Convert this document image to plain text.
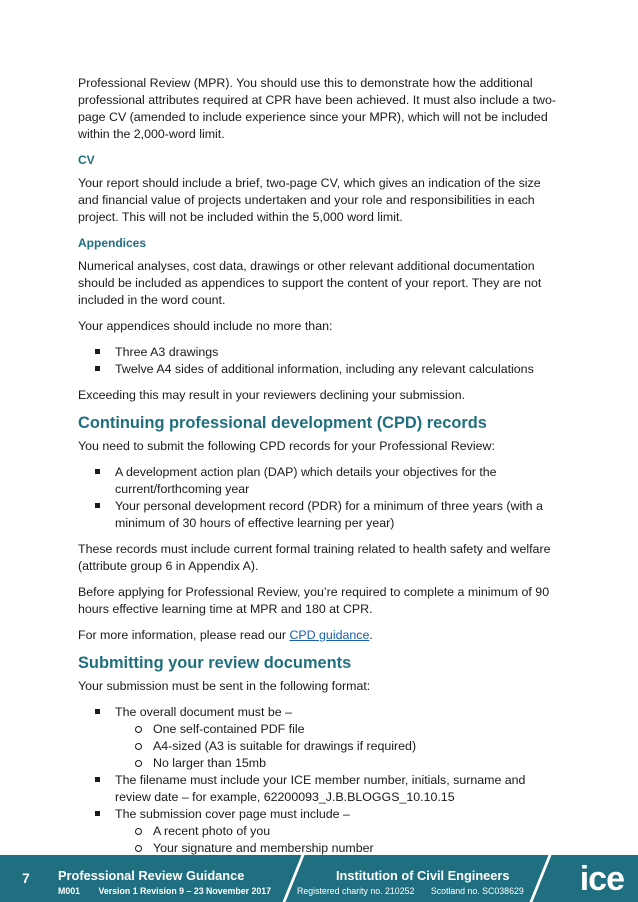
Professional Review (MPR). You should use this to demonstrate how the additional professional attributes required at CPR have been achieved. It must also include a two-page CV (amended to include experience since your MPR), which will not be included within the 2,000-word limit.

CV

Your report should include a brief, two-page CV, which gives an indication of the size and financial value of projects undertaken and your role and responsibilities in each project. This will not be included within the 5,000 word limit.

Appendices

Numerical analyses, cost data, drawings or other relevant additional documentation should be included as appendices to support the content of your report. They are not included in the word count.

Your appendices should include no more than:

Three A3 drawings
Twelve A4 sides of additional information, including any relevant calculations

Exceeding this may result in your reviewers declining your submission.

Continuing professional development (CPD) records

You need to submit the following CPD records for your Professional Review:

A development action plan (DAP) which details your objectives for the current/forthcoming year
Your personal development record (PDR) for a minimum of three years (with a minimum of 30 hours of effective learning per year)

These records must include current formal training related to health safety and welfare (attribute group 6 in Appendix A).

Before applying for Professional Review, you’re required to complete a minimum of 90 hours effective learning time at MPR and 180 at CPR.

For more information, please read our CPD guidance.

Submitting your review documents

Your submission must be sent in the following format:

The overall document must be –
One self-contained PDF file
A4-sized (A3 is suitable for drawings if required)
No larger than 15mb
The filename must include your ICE member number, initials, surname and review date – for example, 62200093_J.B.BLOGGS_10.10.15
The submission cover page must include –
A recent photo of you
Your signature and membership number
7 Professional Review Guidance
M001 Version 1 Revision 9 – 23 November 2017
Institution of Civil Engineers
Registered charity no. 210252 Scotland no. SC038629	ice
